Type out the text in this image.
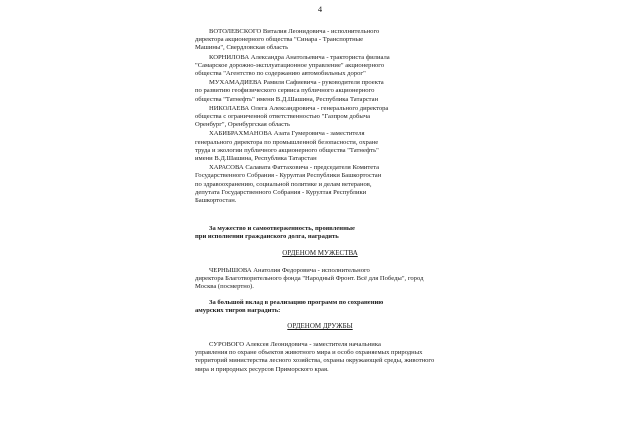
4
ВОТОЛЕВСКОГО Виталия Леонидовича - исполнительного
директора акционерного общества "Синара - Транспортные
Машины", Свердловская область
КОРНИЛОВА Александра Анатольевича - тракториста филиала
"Самарское дорожно-эксплуатационное управление" акционерного
общества "Агентство по содержанию автомобильных дорог"
МУХАМАДИЕВА Рамиля Сафиевича - руководителя проекта
по развитию геофизического сервиса публичного акционерного
общества "Татнефть" имени В.Д.Шашина, Республика Татарстан
НИКОЛАЕВА Олега Александровича - генерального директора
общества с ограниченной ответственностью "Газпром добыча
Оренбург", Оренбургская область
ХАБИБРАХМАНОВА Азата Гумеровича - заместителя
генерального директора по промышленной безопасности, охране
труда и экологии публичного акционерного общества "Татнефть"
имени В.Д.Шашина, Республика Татарстан
ХАРАСОВА Салавата Фаттаховича - председателя Комитета
Государственного Собрания - Курултая Республики Башкортостан
по здравоохранению, социальной политике и делам ветеранов,
депутата Государственного Собрания - Курултая Республики
Башкортостан.
За мужество и самоотверженность, проявленные
при исполнении гражданского долга, наградить
ОРДЕНОМ МУЖЕСТВА
ЧЕРНЫШОВА Анатолия Федоровича - исполнительного
директора Благотворительного фонда "Народный Фронт. Всё для Победы", город Москва (посмертно).
За большой вклад в реализацию программ по сохранению
амурских тигров наградить:
ОРДЕНОМ ДРУЖБЫ
СУРОВОГО Алексея Леонидовича - заместителя начальника
управления по охране объектов животного мира и особо охраняемых природных территорий министерства лесного хозяйства, охраны окружающей среды, животного мира и природных ресурсов Приморского края.
